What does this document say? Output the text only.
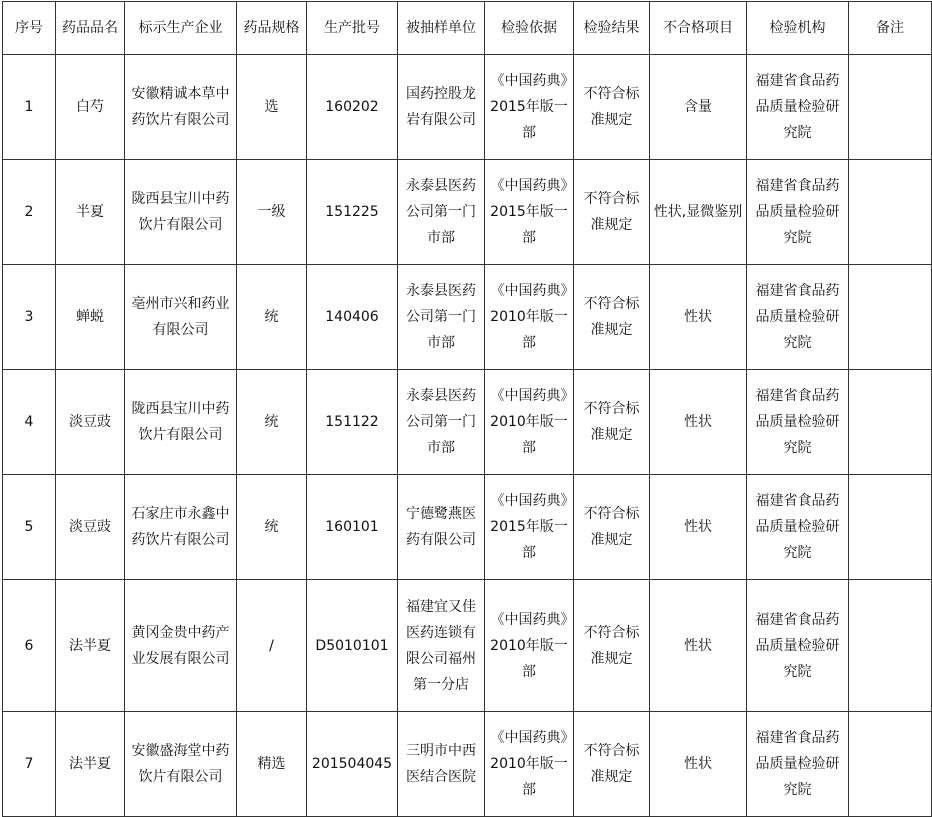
序号	药品品名	标示生产企业	药品规格	生产批号	被抽样单位	检验依据	检验结果	不合格项目	检验机构	备注
1	白芍	安徽精诚本草中药饮片有限公司	选	160202	国药控股龙岩有限公司	《中国药典》2015年版一部	不符合标准规定	含量	福建省食品药品质量检验研究院	
2	半夏	陇西县宝川中药饮片有限公司	一级	151225	永泰县医药公司第一门市部	《中国药典》2015年版一部	不符合标准规定	性状,显微鉴别	福建省食品药品质量检验研究院	
3	蝉蜕	亳州市兴和药业有限公司	统	140406	永泰县医药公司第一门市部	《中国药典》2010年版一部	不符合标准规定	性状	福建省食品药品质量检验研究院	
4	淡豆豉	陇西县宝川中药饮片有限公司	统	151122	永泰县医药公司第一门市部	《中国药典》2010年版一部	不符合标准规定	性状	福建省食品药品质量检验研究院	
5	淡豆豉	石家庄市永鑫中药饮片有限公司	统	160101	宁德鹭燕医药有限公司	《中国药典》2015年版一部	不符合标准规定	性状	福建省食品药品质量检验研究院	
6	法半夏	黄冈金贵中药产业发展有限公司	/	D5010101	福建宜又佳医药连锁有限公司福州第一分店	《中国药典》2010年版一部	不符合标准规定	性状	福建省食品药品质量检验研究院	
7	法半夏	安徽盛海堂中药饮片有限公司	精选	201504045	三明市中西医结合医院	《中国药典》2010年版一部	不符合标准规定	性状	福建省食品药品质量检验研究院	
